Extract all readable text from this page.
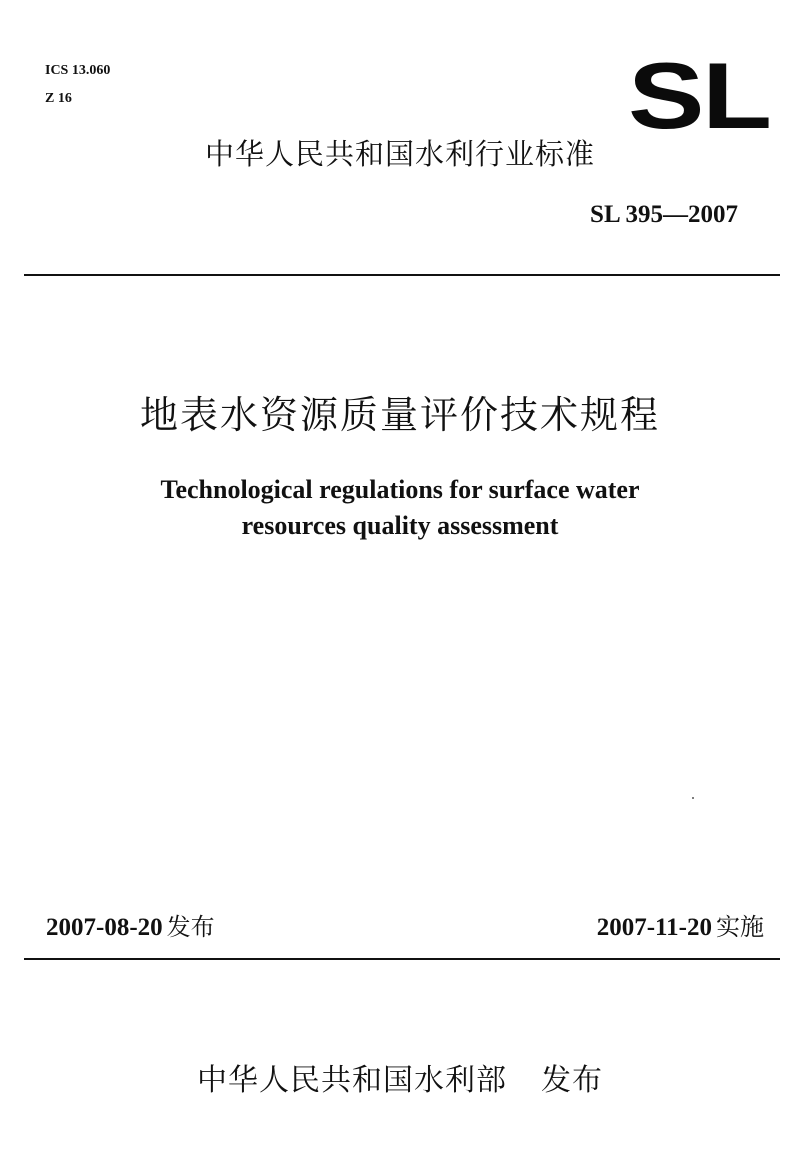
ICS 13.060
Z 16	SL
中华人民共和国水利行业标准
SL 395—2007
地表水资源质量评价技术规程
Technological regulations for surface water
resources quality assessment
2007-08-20 发布	2007-11-20 实施
中华人民共和国水利部 发布
